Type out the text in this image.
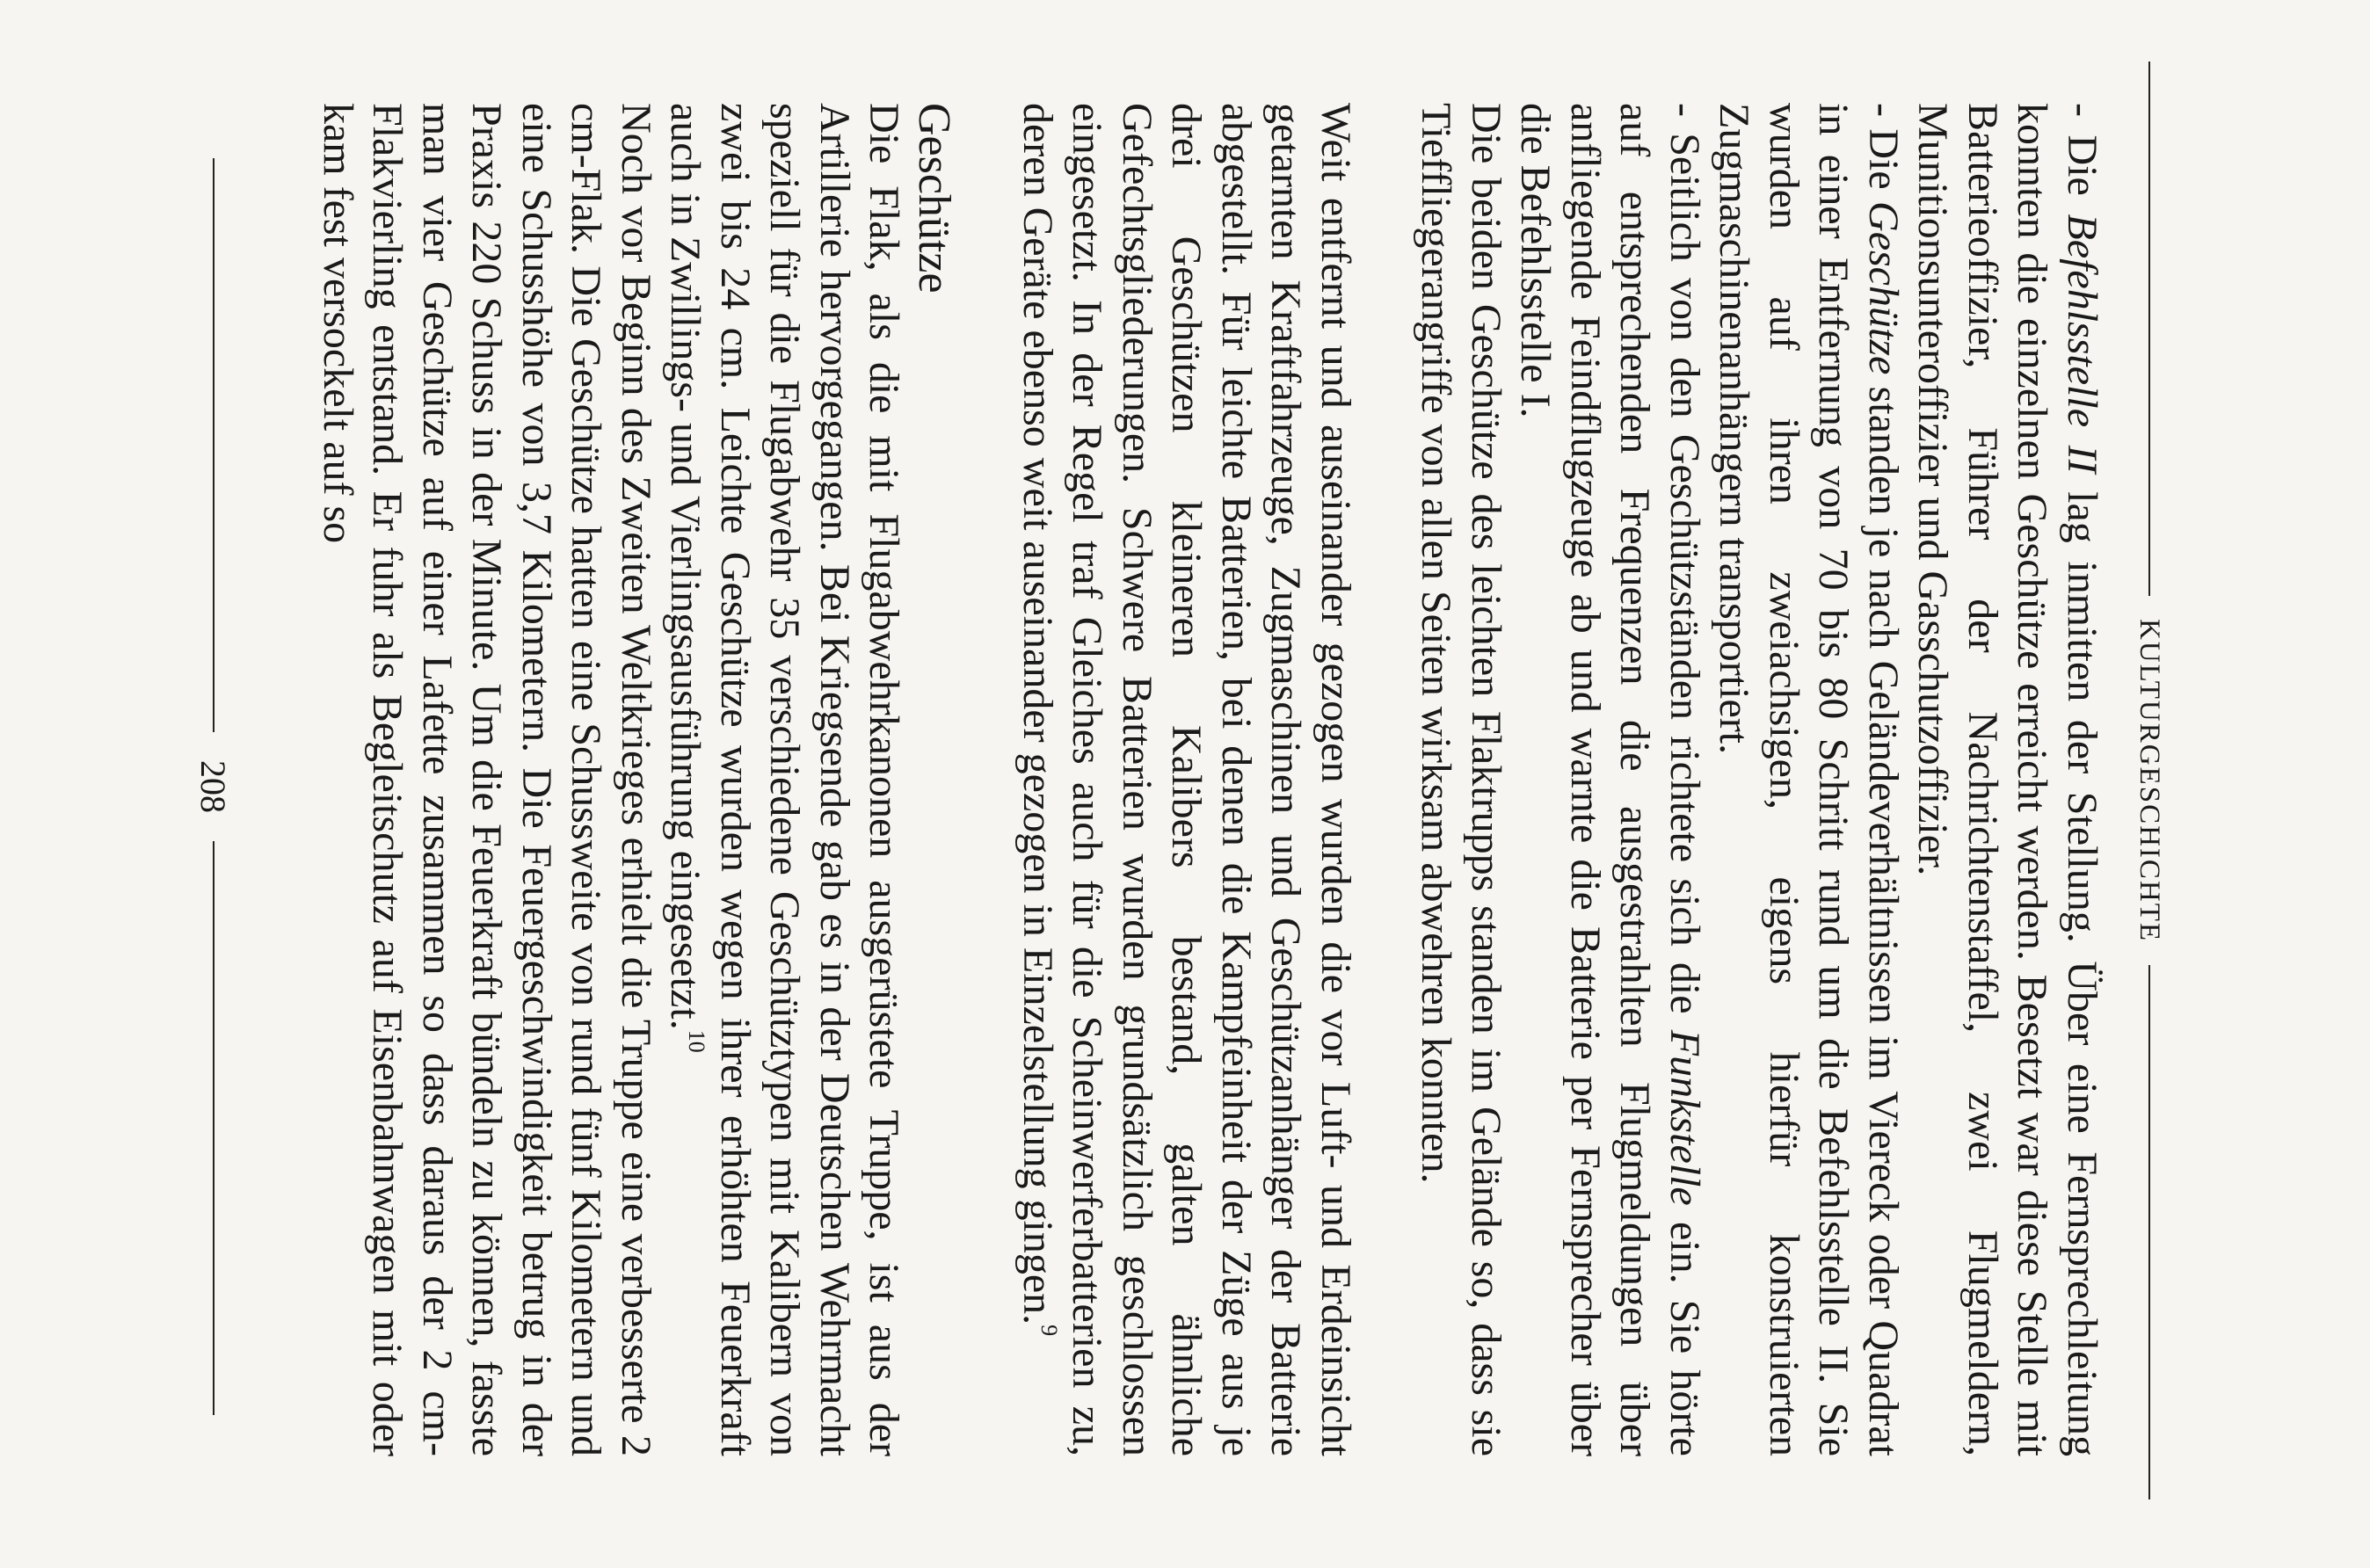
KULTURGESCHICHTE

- Die Befehlsstelle II lag inmitten der Stellung. Über eine Fernsprechleitung konnten die einzelnen Geschütze erreicht werden. Besetzt war diese Stelle mit Batterieoffizier, Führer der Nachrichtenstaffel, zwei Flugmeldern, Munitionsunteroffizier und Gasschutzoffizier.

- Die Geschütze standen je nach Geländeverhältnissen im Viereck oder Quadrat in einer Entfernung von 70 bis 80 Schritt rund um die Befehlsstelle II. Sie wurden auf ihren zweiachsigen, eigens hierfür konstruierten Zugmaschinenanhängern transportiert.

- Seitlich von den Geschützständen richtete sich die Funkstelle ein. Sie hörte auf entsprechenden Frequenzen die ausgestrahlten Flugmeldungen über anfliegende Feindflugzeuge ab und warnte die Batterie per Fernsprecher über die Befehlsstelle I.

Die beiden Geschütze des leichten Flaktrupps standen im Gelände so, dass sie Tieffliegerangriffe von allen Seiten wirksam abwehren konnten.

Weit entfernt und auseinander gezogen wurden die vor Luft- und Erdeinsicht getarnten Kraftfahrzeuge, Zugmaschinen und Geschützanhänger der Batterie abgestellt. Für leichte Batterien, bei denen die Kampfeinheit der Züge aus je drei Geschützen kleineren Kalibers bestand, galten ähnliche Gefechtsgliederungen. Schwere Batterien wurden grundsätzlich geschlossen eingesetzt. In der Regel traf Gleiches auch für die Scheinwerferbatterien zu, deren Geräte ebenso weit auseinander gezogen in Einzelstellung gingen.$^9$

Geschütze

Die Flak, als die mit Flugabwehrkanonen ausgerüstete Truppe, ist aus der Artillerie hervorgegangen. Bei Kriegsende gab es in der Deutschen Wehrmacht speziell für die Flugabwehr 35 verschiedene Geschütztypen mit Kalibern von zwei bis 24 cm. Leichte Geschütze wurden wegen ihrer erhöhten Feuerkraft auch in Zwillings- und Vierlingsausführung eingesetzt.$^{10}$

Noch vor Beginn des Zweiten Weltkrieges erhielt die Truppe eine verbesserte 2 cm-Flak. Die Geschütze hatten eine Schussweite von rund fünf Kilometern und eine Schusshöhe von 3,7 Kilometern. Die Feuergeschwindigkeit betrug in der Praxis 220 Schuss in der Minute. Um die Feuerkraft bündeln zu können, fasste man vier Geschütze auf einer Lafette zusammen so dass daraus der 2 cm-Flakvierling entstand. Er fuhr als Begleitschutz auf Eisenbahnwagen mit oder kam fest versockelt auf so

208
